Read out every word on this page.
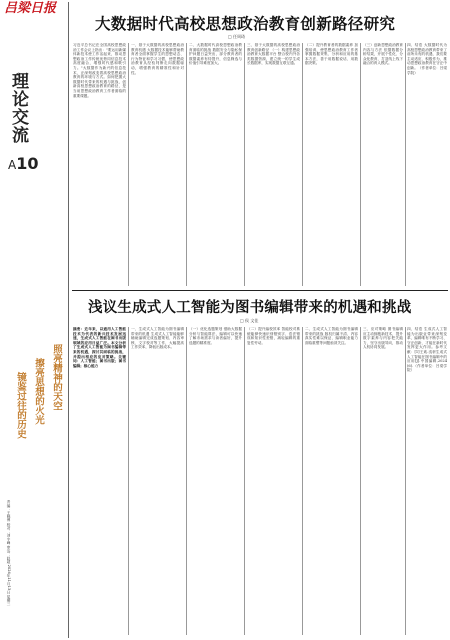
吕梁日报
理论交流
A10
大数据时代高校思想政治教育创新路径研究
□ 任周琦
习近平总书记在全国高校思想政治工作会议上指出："要运用新媒体新技术使工作活起来，推动思想政治工作传统优势同信息技术高度融合，增强时代感和吸引力。"大数据作为新兴的信息技术，正深刻改变着高校思想政治教育的环境与方式。如何把握大数据时代带来的机遇与挑战，创新高校思想政治教育的路径，是当前思想政治教育工作者面临的重要课题。
一、基于大数据的高校思想政治教育机遇 大数据技术能够帮助教育者全面掌握学生的思想动态、行为特征和学习习惯，使思想政治教育从经验判断走向数据驱动，增强教育的精准性和针对性。
二、大数据时代高校思想政治教育面临的挑战 数据安全与隐私保护问题日益突出，部分教育者的数据素养有待提升，信息筛选与价值引导难度加大。
三、基于大数据的高校思想政治教育创新路径 （一）构建思想政治教育大数据平台 整合校内外各类数据资源，建立统一的学生成长数据库，实现数据互联互通。
（二）提升教育者的数据素养 加强培训，使思想政治教育工作者掌握数据采集、分析和应用的基本方法，善于用数据说话、用数据决策。
（三）创新思想政治教育内容与方法 依据数据分析结果，开展个性化、分众化教育，打造线上线下融合的育人模式。
四、结语 大数据时代为高校思想政治教育带来了前所未有的机遇，我们要主动适应，积极作为，推动思想政治教育在守正中创新。（作者单位：吕梁学院）
浅议生成式人工智能为图书编辑带来的机遇和挑战
□ 侯 文佳
摘要：近年来，以通用人工智能技术为代表的新兴技术发展迅速，生成式人工智能在图书出版领域的应用日益广泛。本文分析了生成式人工智能为图书编辑带来的机遇，探讨其面临的挑战，并提出相应的应对策略。关键词：人工智能；图书出版；图书编辑；核心能力
一、生成式人工智能为图书编辑带来的机遇 生成式人工智能能够辅助编辑完成选题策划、内容审核、文字校对等工作，大幅提高工作效率，降低出版成本。
（一）优化选题策划 借助大数据分析与智能算法，编辑可以快速了解市场需求与读者偏好，提升选题的精准度。
（二）提升编校效率 智能校对系统能够快速识别错别字、语法错误和知识性差错，减轻编辑的重复性劳动。
二、生成式人工智能为图书编辑带来的挑战 版权归属不清、内容真实性难以保证、编辑职业能力面临重塑等问题亟须关注。
三、应对策略 图书编辑应主动拥抱新技术，提升数字素养与内容把关能力，坚守出版导向，推动人机协同发展。
四、结语 生成式人工智能为出版业带来深刻变革，编辑唯有不断学习、守正创新，才能在新时代发挥更大作用。参考文献：[1]王欢.浅析生成式人工智能在图书编辑中的应用[J].中国编辑,2024(6).（作者单位：吕梁学院）
照亮精神的天空
擦亮思想的火光
镜鉴过往的历史
责编：王晓博 校对：刘宇峰 审签：赵超 2024年11月13日 星期三
